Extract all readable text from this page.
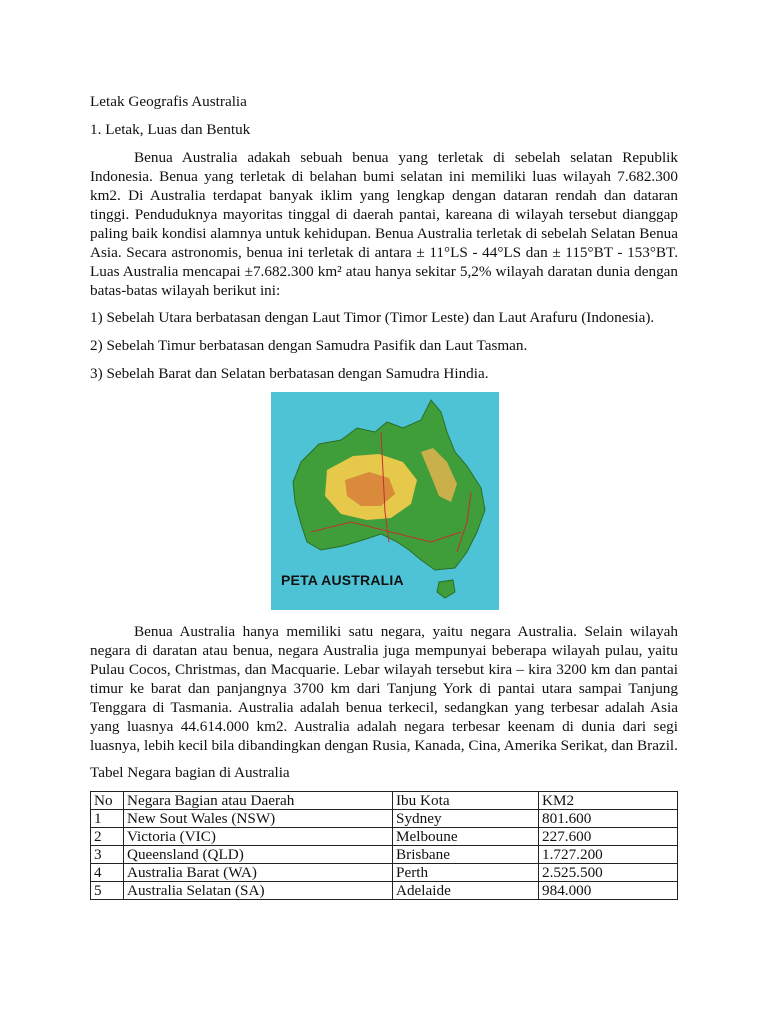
Letak Geografis Australia

1. Letak, Luas dan Bentuk

Benua Australia adakah sebuah benua yang terletak di sebelah selatan Republik Indonesia. Benua yang terletak di belahan bumi selatan ini memiliki luas wilayah 7.682.300 km2. Di Australia terdapat banyak iklim yang lengkap dengan dataran rendah dan dataran tinggi. Penduduknya mayoritas tinggal di daerah pantai, kareana di wilayah tersebut dianggap paling baik kondisi alamnya untuk kehidupan. Benua Australia terletak di sebelah Selatan Benua Asia. Secara astronomis, benua ini terletak di antara ± 11°LS - 44°LS dan ± 115°BT - 153°BT. Luas Australia mencapai ±7.682.300 km² atau hanya sekitar 5,2% wilayah daratan dunia dengan batas-batas wilayah berikut ini:

1) Sebelah Utara berbatasan dengan Laut Timor (Timor Leste) dan Laut Arafuru (Indonesia).

2) Sebelah Timur berbatasan dengan Samudra Pasifik dan Laut Tasman.

3) Sebelah Barat dan Selatan berbatasan dengan Samudra Hindia.

PETA AUSTRALIA

Benua Australia hanya memiliki satu negara, yaitu negara Australia. Selain wilayah negara di daratan atau benua, negara Australia juga mempunyai beberapa wilayah pulau, yaitu Pulau Cocos, Christmas, dan Macquarie. Lebar wilayah tersebut kira – kira 3200 km dan pantai timur ke barat dan panjangnya 3700 km dari Tanjung York di pantai utara sampai Tanjung Tenggara di Tasmania. Australia adalah benua terkecil, sedangkan yang terbesar adalah Asia yang luasnya 44.614.000 km2. Australia adalah negara terbesar keenam di dunia dari segi luasnya, lebih kecil bila dibandingkan dengan Rusia, Kanada, Cina, Amerika Serikat, dan Brazil.

Tabel Negara bagian di Australia

No	Negara Bagian atau Daerah	Ibu Kota	KM2
1	New Sout Wales (NSW)	Sydney	801.600
2	Victoria (VIC)	Melboune	227.600
3	Queensland (QLD)	Brisbane	1.727.200
4	Australia Barat (WA)	Perth	2.525.500
5	Australia Selatan (SA)	Adelaide	984.000
